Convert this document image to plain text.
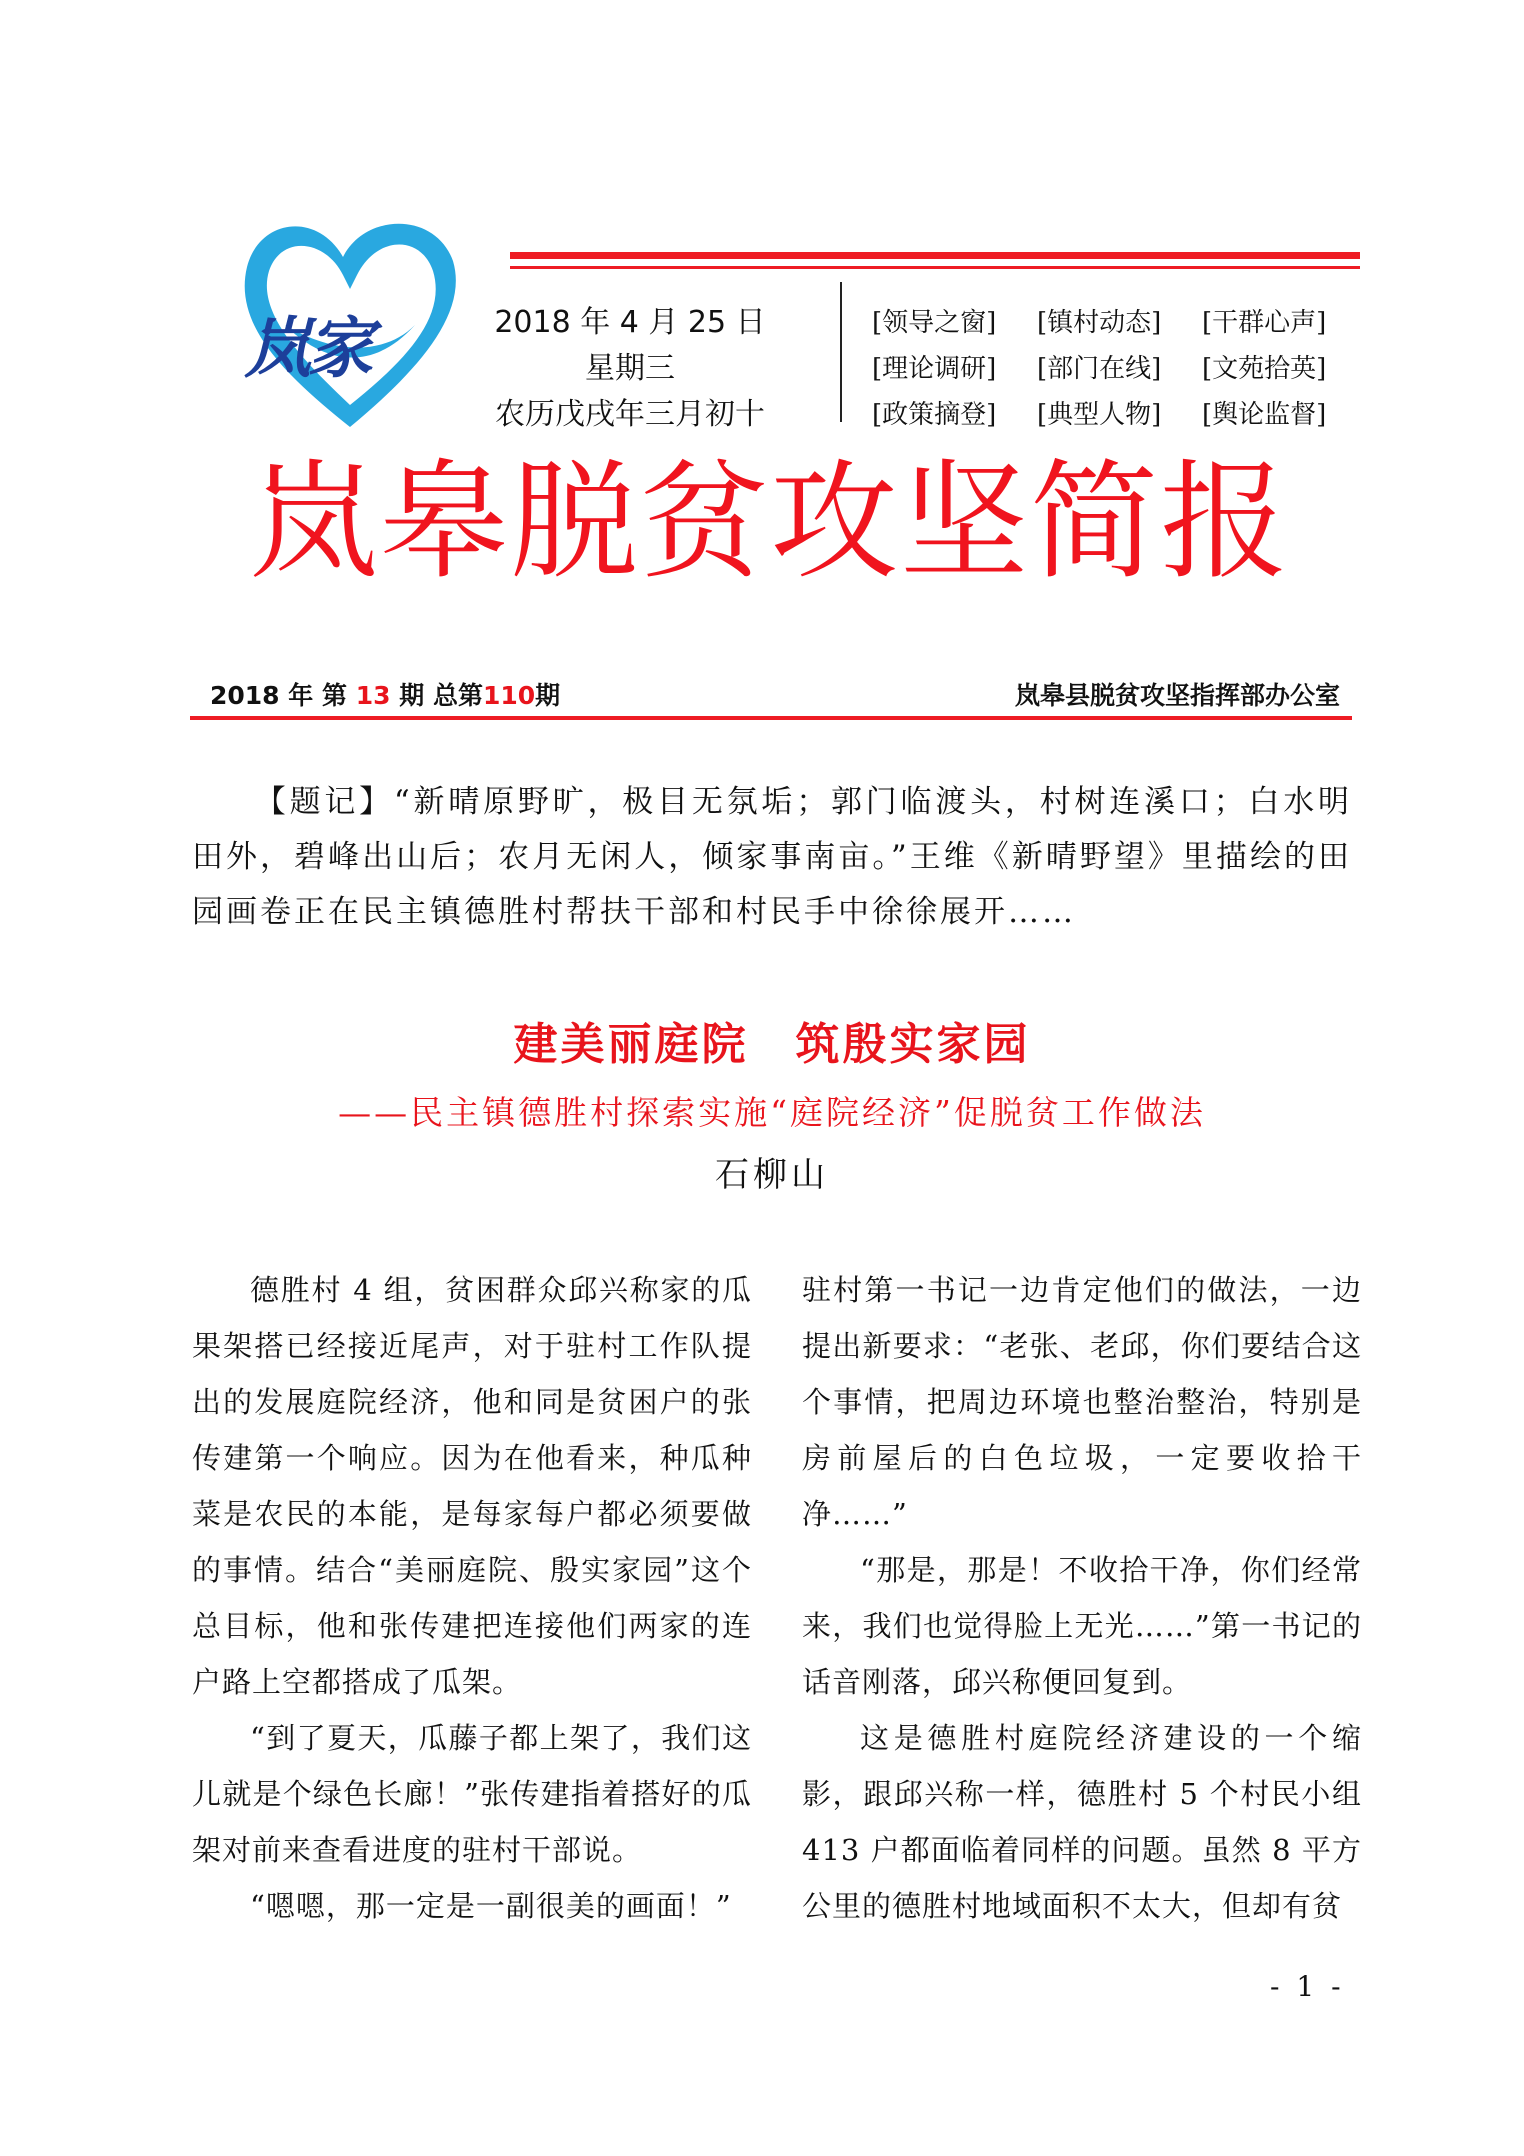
岚家	2018 年 4 月 25 日
星期三
农历戊戌年三月初十
[领导之窗]	[镇村动态]	[干群心声]
[理论调研]	[部门在线]	[文苑拾英]
[政策摘登]	[典型人物]	[舆论监督]
岚皋脱贫攻坚简报
2018 年 第 13 期 总第110期	岚皋县脱贫攻坚指挥部办公室
【题记】“新晴原野旷，极目无氛垢；郭门临渡头，村树连溪口；白水明田外，碧峰出山后；农月无闲人，倾家事南亩。”王维《新晴野望》里描绘的田园画卷正在民主镇德胜村帮扶干部和村民手中徐徐展开……
建美丽庭院　筑殷实家园
——民主镇德胜村探索实施“庭院经济”促脱贫工作做法
石柳山

德胜村 4 组，贫困群众邱兴称家的瓜果架搭已经接近尾声，对于驻村工作队提出的发展庭院经济，他和同是贫困户的张传建第一个响应。因为在他看来，种瓜种菜是农民的本能，是每家每户都必须要做的事情。结合“美丽庭院、殷实家园”这个总目标，他和张传建把连接他们两家的连户路上空都搭成了瓜架。

“到了夏天，瓜藤子都上架了，我们这儿就是个绿色长廊！”张传建指着搭好的瓜架对前来查看进度的驻村干部说。

“嗯嗯，那一定是一副很美的画面！”

驻村第一书记一边肯定他们的做法，一边提出新要求：“老张、老邱，你们要结合这个事情，把周边环境也整治整治，特别是房前屋后的白色垃圾，一定要收拾干净……”

“那是，那是！不收拾干净，你们经常来，我们也觉得脸上无光……”第一书记的话音刚落，邱兴称便回复到。

这是德胜村庭院经济建设的一个缩影，跟邱兴称一样，德胜村 5 个村民小组 413 户都面临着同样的问题。虽然 8 平方公里的德胜村地域面积不太大，但却有贫

- 1 -
